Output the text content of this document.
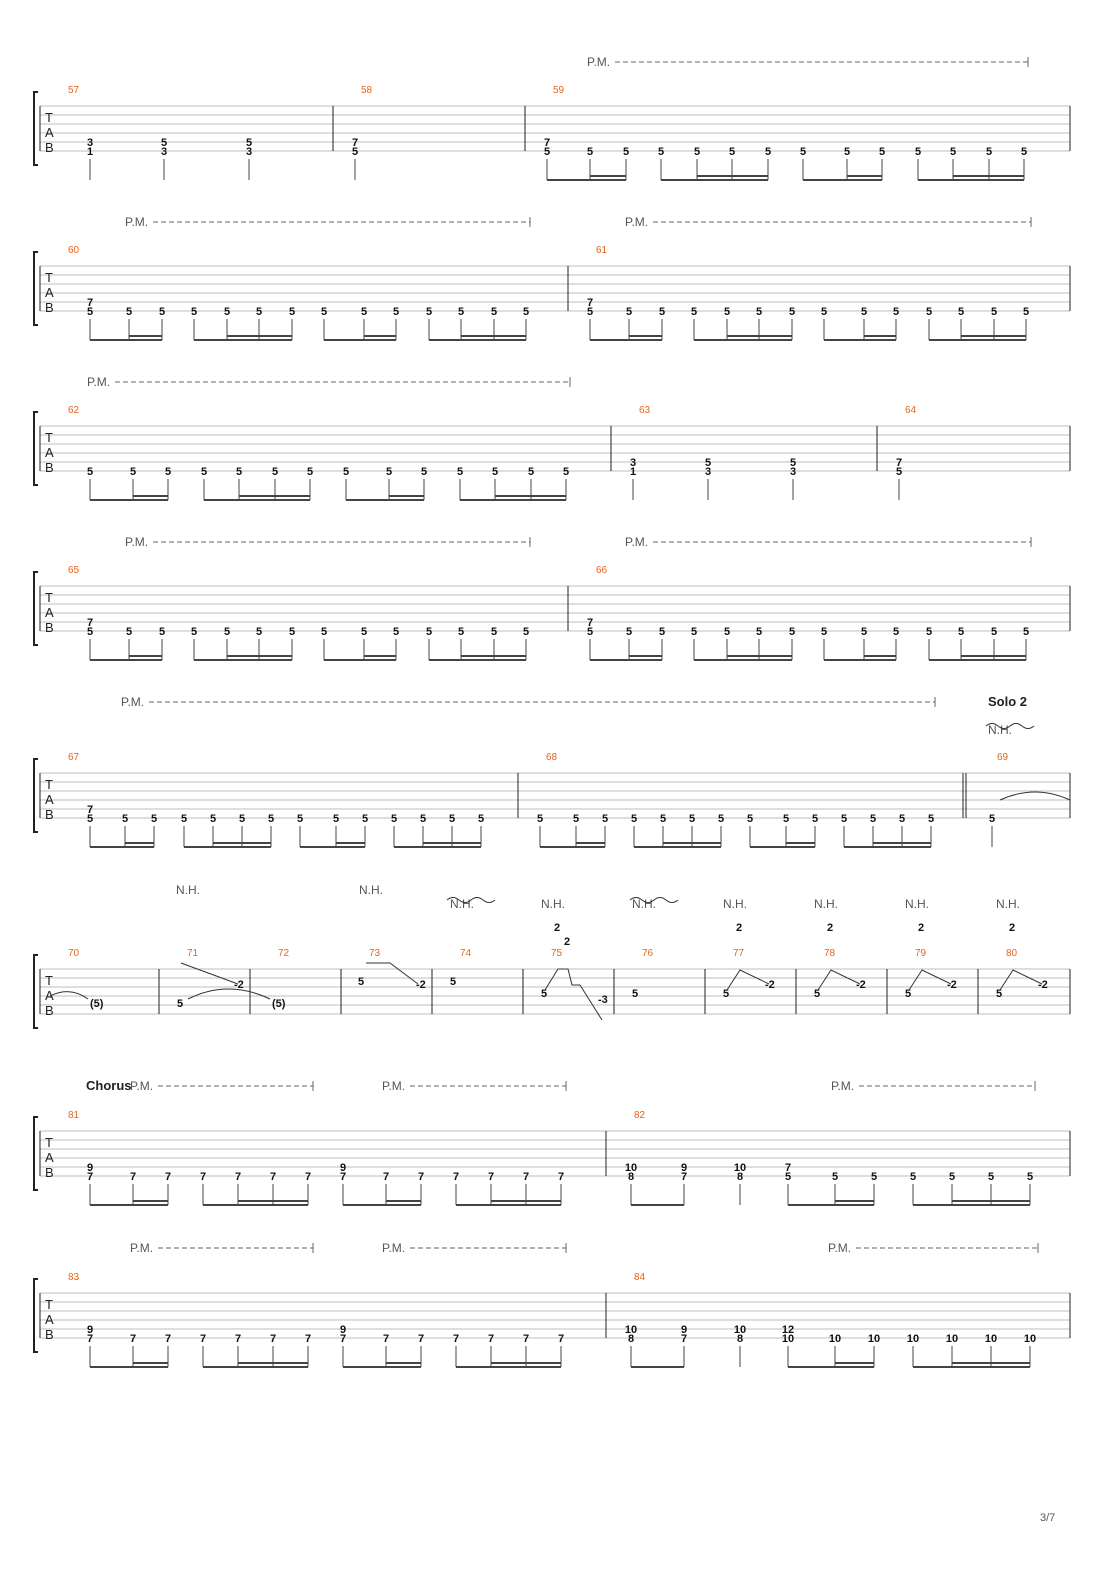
T
A
B
P.M.
57
3
1
5
3
5
3
58
7
5
59
7
5	5	5	5	5	5	5	5	5	5	5	5	5	5
T
A
B
P.M.	P.M.
60
7
5	5 5 5 5 5 5 5	5 5 5 5 5 5
61
7
5	5 5 5 5 5 5 5	5 5 5 5 5 5
T
A
B
P.M.
62
5	5	5	5	5	5	5	5	5	5	5	5	5	5
63
3
1
5
3
5
3
64
7
5
T
A
B
P.M.	P.M.
65
7
5	5 5 5 5 5 5 5	5 5 5 5 5 5
66
7
5	5 5 5 5 5 5 5	5 5 5 5 5 5
T
A
B
P.M.
67
7
5	5 5 5 5 5 5 5	5 5 5 5 5 5
68
5	5 5 5 5 5 5 5	5 5 5 5 5 5
69
5
T
A
B
70
(5)
71
5
-2
72
(5)
73
5	-2
74
5
75
5
2
2
-3
76
5
77
5
2
-2
78
5
2
-2
79
5
2
-2
80
5
2
-2
T
A
B
P.M.	P.M.	P.M.
81
9
7	7	7	7	7	7	7
9
7	7	7	7	7	7	7
82
10
8
9
7
10
8
7
5	5	5	5	5	5	5
T
A
B
P.M.	P.M.	P.M.
83
9
7	7	7	7	7	7	7
9
7	7	7	7	7	7	7
84
10
8
9
7
10
8
12
10	10 10 10 10 10 10
Solo 2
Chorus
N.H.
N.H.	N.H.
N.H.	N.H.	N.H.	N.H.	N.H.	N.H.	N.H.
3/7
